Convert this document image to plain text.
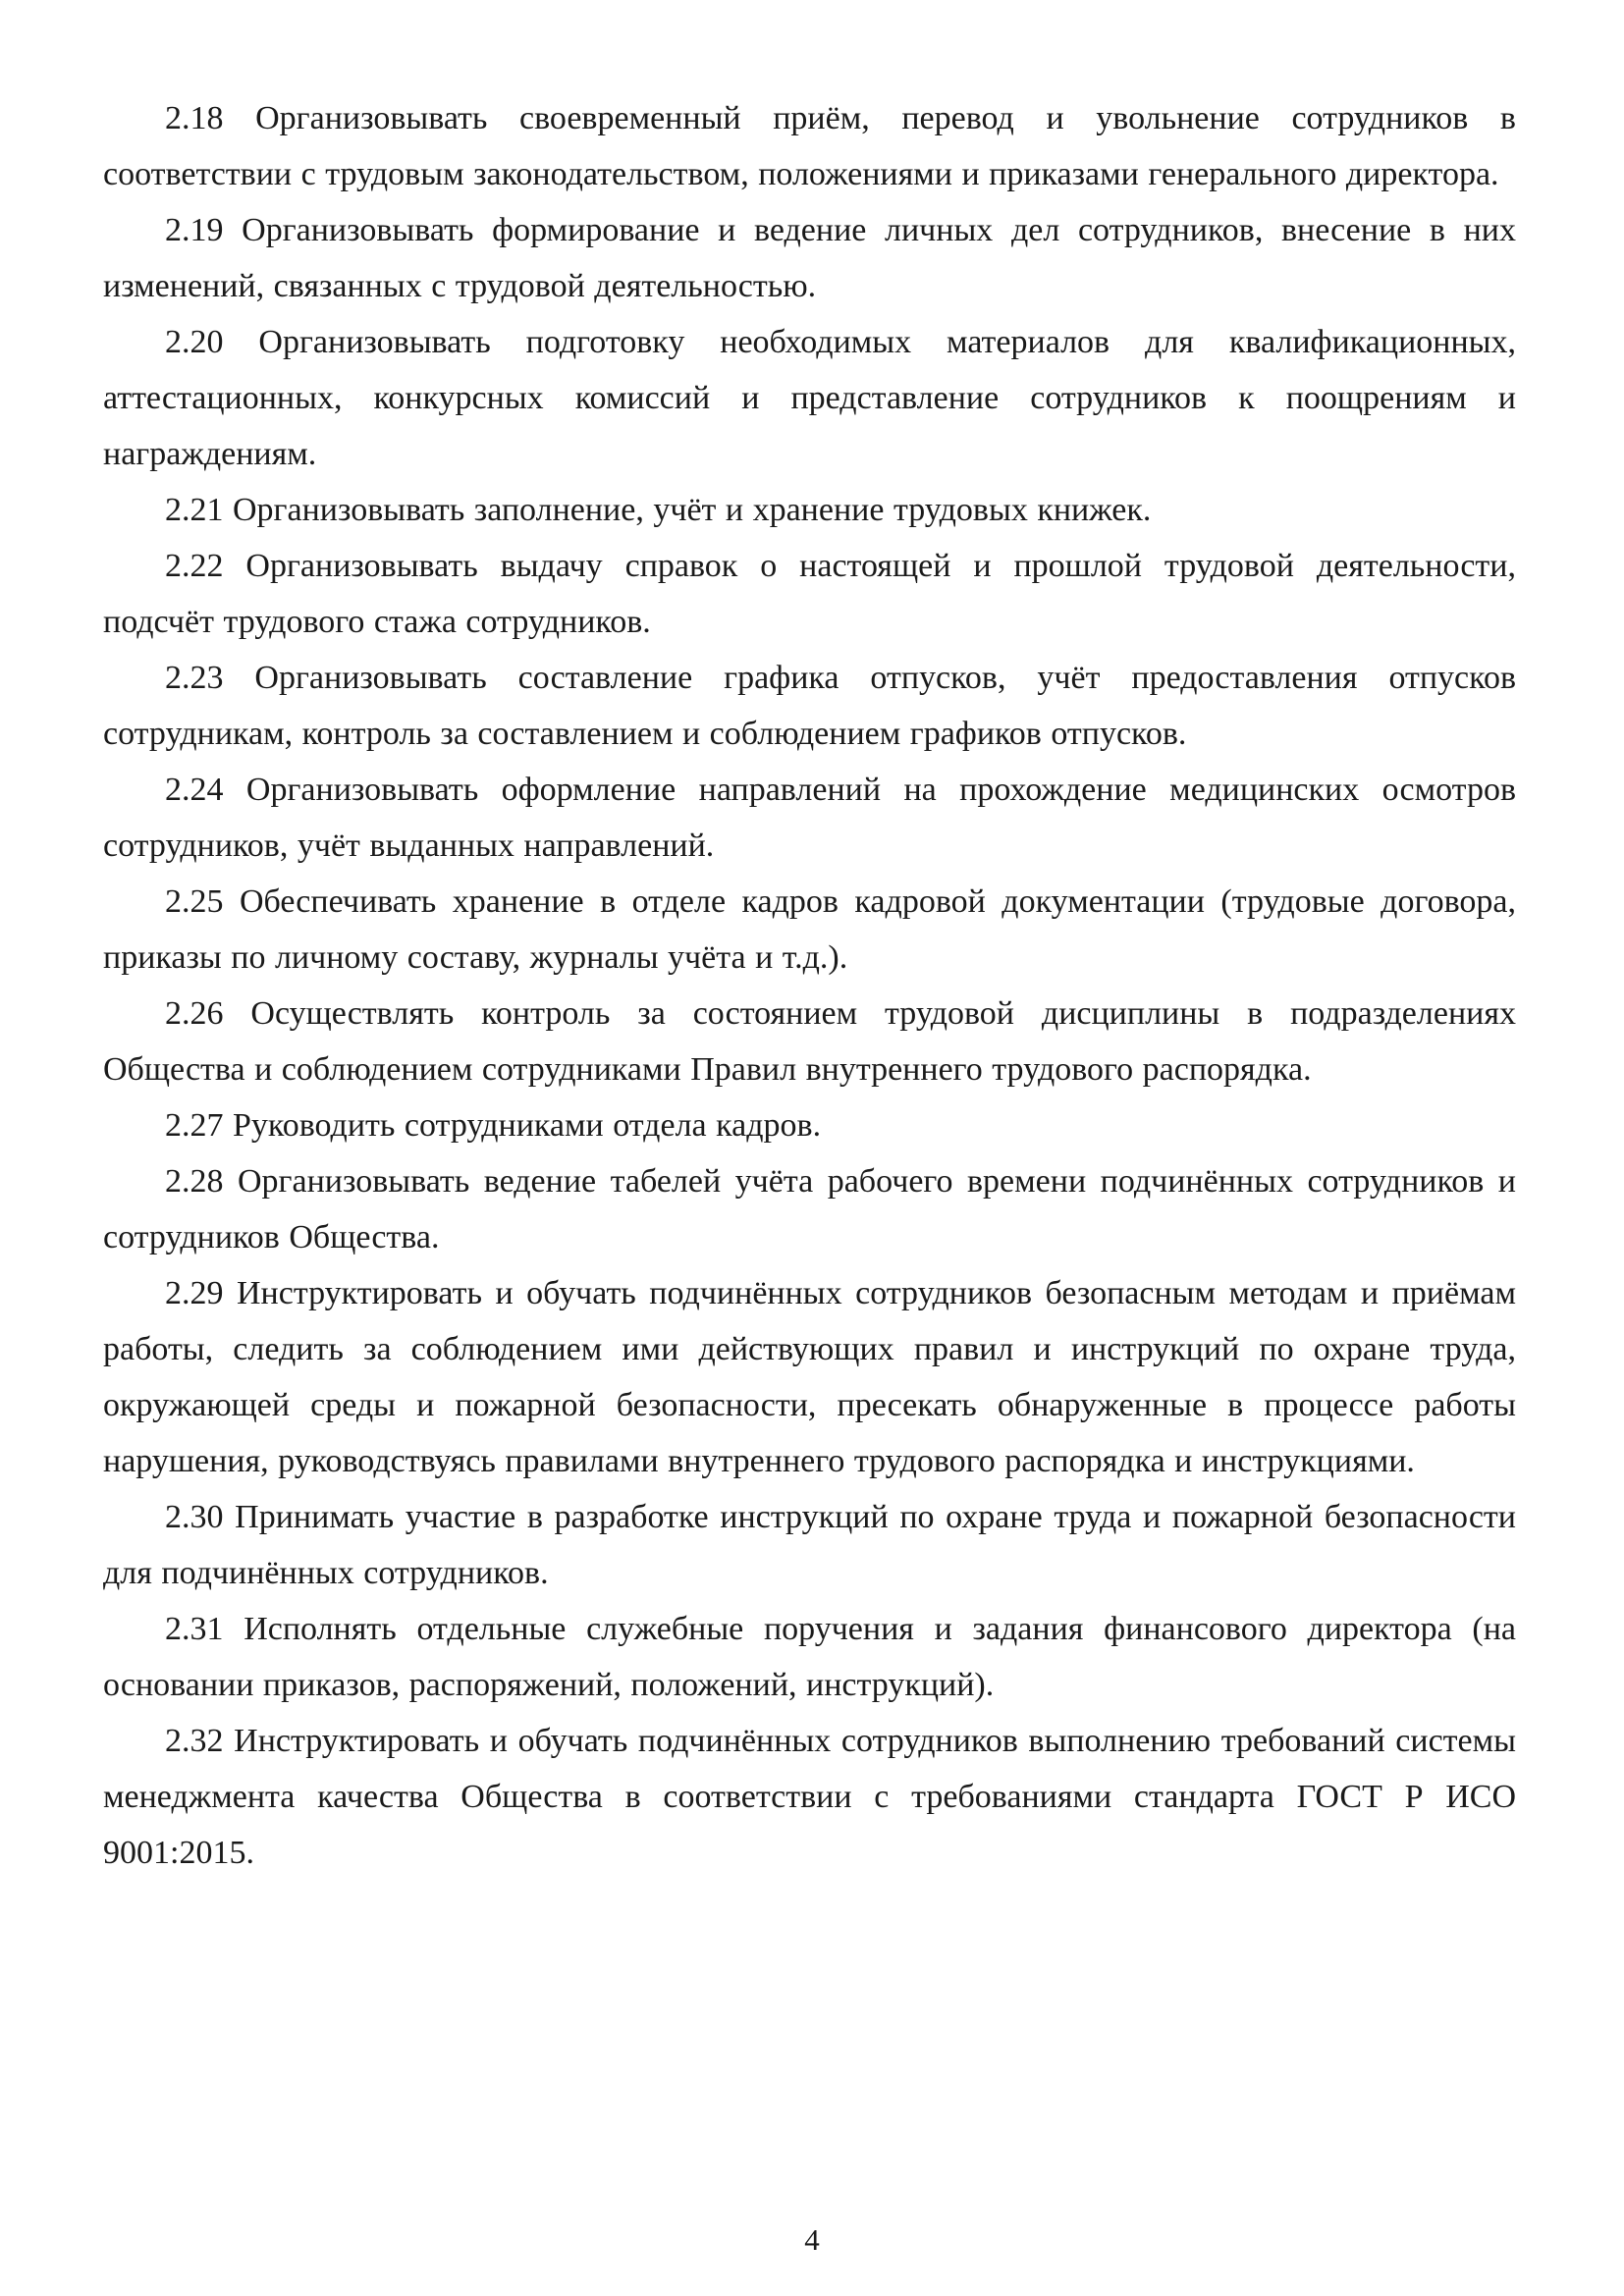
2.18 Организовывать своевременный приём, перевод и увольнение сотрудников в соответствии с трудовым законодательством, положениями и приказами генерального директора.

2.19 Организовывать формирование и ведение личных дел сотрудников, внесение в них изменений, связанных с трудовой деятельностью.

2.20 Организовывать подготовку необходимых материалов для квалификационных, аттестационных, конкурсных комиссий и представление сотрудников к поощрениям и награждениям.

2.21 Организовывать заполнение, учёт и хранение трудовых книжек.

2.22 Организовывать выдачу справок о настоящей и прошлой трудовой деятельности, подсчёт трудового стажа сотрудников.

2.23 Организовывать составление графика отпусков, учёт предоставления отпусков сотрудникам, контроль за составлением и соблюдением графиков отпусков.

2.24 Организовывать оформление направлений на прохождение медицинских осмотров сотрудников, учёт выданных направлений.

2.25 Обеспечивать хранение в отделе кадров кадровой документации (трудовые договора, приказы по личному составу, журналы учёта и т.д.).

2.26 Осуществлять контроль за состоянием трудовой дисциплины в подразделениях Общества и соблюдением сотрудниками Правил внутреннего трудового распорядка.

2.27 Руководить сотрудниками отдела кадров.

2.28 Организовывать ведение табелей учёта рабочего времени подчинённых сотрудников и сотрудников Общества.

2.29 Инструктировать и обучать подчинённых сотрудников безопасным методам и приёмам работы, следить за соблюдением ими действующих правил и инструкций по охране труда, окружающей среды и пожарной безопасности, пресекать обнаруженные в процессе работы нарушения, руководствуясь правилами внутреннего трудового распорядка и инструкциями.

2.30 Принимать участие в разработке инструкций по охране труда и пожарной безопасности для подчинённых сотрудников.

2.31 Исполнять отдельные служебные поручения и задания финансового директора (на основании приказов, распоряжений, положений, инструкций).

2.32 Инструктировать и обучать подчинённых сотрудников выполнению требований системы менеджмента качества Общества в соответствии с требованиями стандарта ГОСТ Р ИСО 9001:2015.

4
